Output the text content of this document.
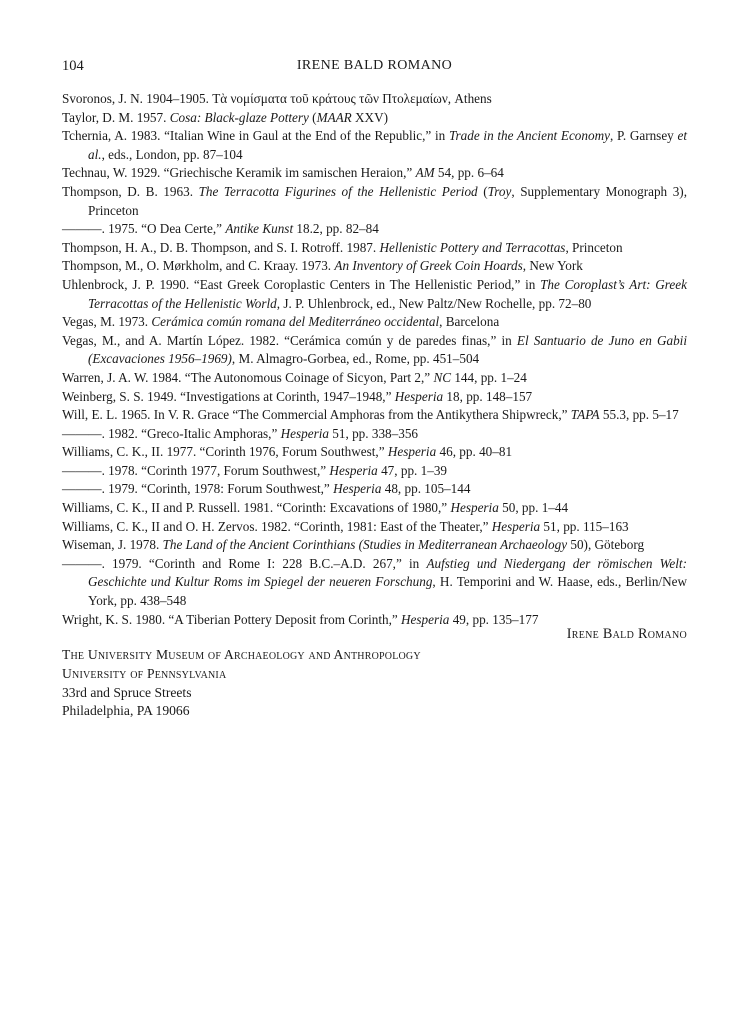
104	IRENE BALD ROMANO

Svoronos, J. N. 1904–1905. Τὰ νομίσματα τοῦ κράτους τῶν Πτολεμαίων, Athens

Taylor, D. M. 1957. Cosa: Black-glaze Pottery (MAAR XXV)

Tchernia, A. 1983. “Italian Wine in Gaul at the End of the Republic,” in Trade in the Ancient Economy, P. Garnsey et al., eds., London, pp. 87–104

Technau, W. 1929. “Griechische Keramik im samischen Heraion,” AM 54, pp. 6–64

Thompson, D. B. 1963. The Terracotta Figurines of the Hellenistic Period (Troy, Supplementary Monograph 3), Princeton

———. 1975. “O Dea Certe,” Antike Kunst 18.2, pp. 82–84

Thompson, H. A., D. B. Thompson, and S. I. Rotroff. 1987. Hellenistic Pottery and Terracottas, Princeton

Thompson, M., O. Mørkholm, and C. Kraay. 1973. An Inventory of Greek Coin Hoards, New York

Uhlenbrock, J. P. 1990. “East Greek Coroplastic Centers in The Hellenistic Period,” in The Coroplast’s Art: Greek Terracottas of the Hellenistic World, J. P. Uhlenbrock, ed., New Paltz/New Rochelle, pp. 72–80

Vegas, M. 1973. Cerámica común romana del Mediterráneo occidental, Barcelona

Vegas, M., and A. Martín López. 1982. “Cerámica común y de paredes finas,” in El Santuario de Juno en Gabii (Excavaciones 1956–1969), M. Almagro-Gorbea, ed., Rome, pp. 451–504

Warren, J. A. W. 1984. “The Autonomous Coinage of Sicyon, Part 2,” NC 144, pp. 1–24

Weinberg, S. S. 1949. “Investigations at Corinth, 1947–1948,” Hesperia 18, pp. 148–157

Will, E. L. 1965. In V. R. Grace “The Commercial Amphoras from the Antikythera Shipwreck,” TAPA 55.3, pp. 5–17

———. 1982. “Greco-Italic Amphoras,” Hesperia 51, pp. 338–356

Williams, C. K., II. 1977. “Corinth 1976, Forum Southwest,” Hesperia 46, pp. 40–81

———. 1978. “Corinth 1977, Forum Southwest,” Hesperia 47, pp. 1–39

———. 1979. “Corinth, 1978: Forum Southwest,” Hesperia 48, pp. 105–144

Williams, C. K., II and P. Russell. 1981. “Corinth: Excavations of 1980,” Hesperia 50, pp. 1–44

Williams, C. K., II and O. H. Zervos. 1982. “Corinth, 1981: East of the Theater,” Hesperia 51, pp. 115–163

Wiseman, J. 1978. The Land of the Ancient Corinthians (Studies in Mediterranean Archaeology 50), Göteborg

———. 1979. “Corinth and Rome I: 228 B.C.–A.D. 267,” in Aufstieg und Niedergang der römischen Welt: Geschichte und Kultur Roms im Spiegel der neueren Forschung, H. Temporini and W. Haase, eds., Berlin/New York, pp. 438–548

Wright, K. S. 1980. “A Tiberian Pottery Deposit from Corinth,” Hesperia 49, pp. 135–177

Irene Bald Romano
The University Museum of Archaeology and Anthropology
University of Pennsylvania
33rd and Spruce Streets
Philadelphia, PA 19066
